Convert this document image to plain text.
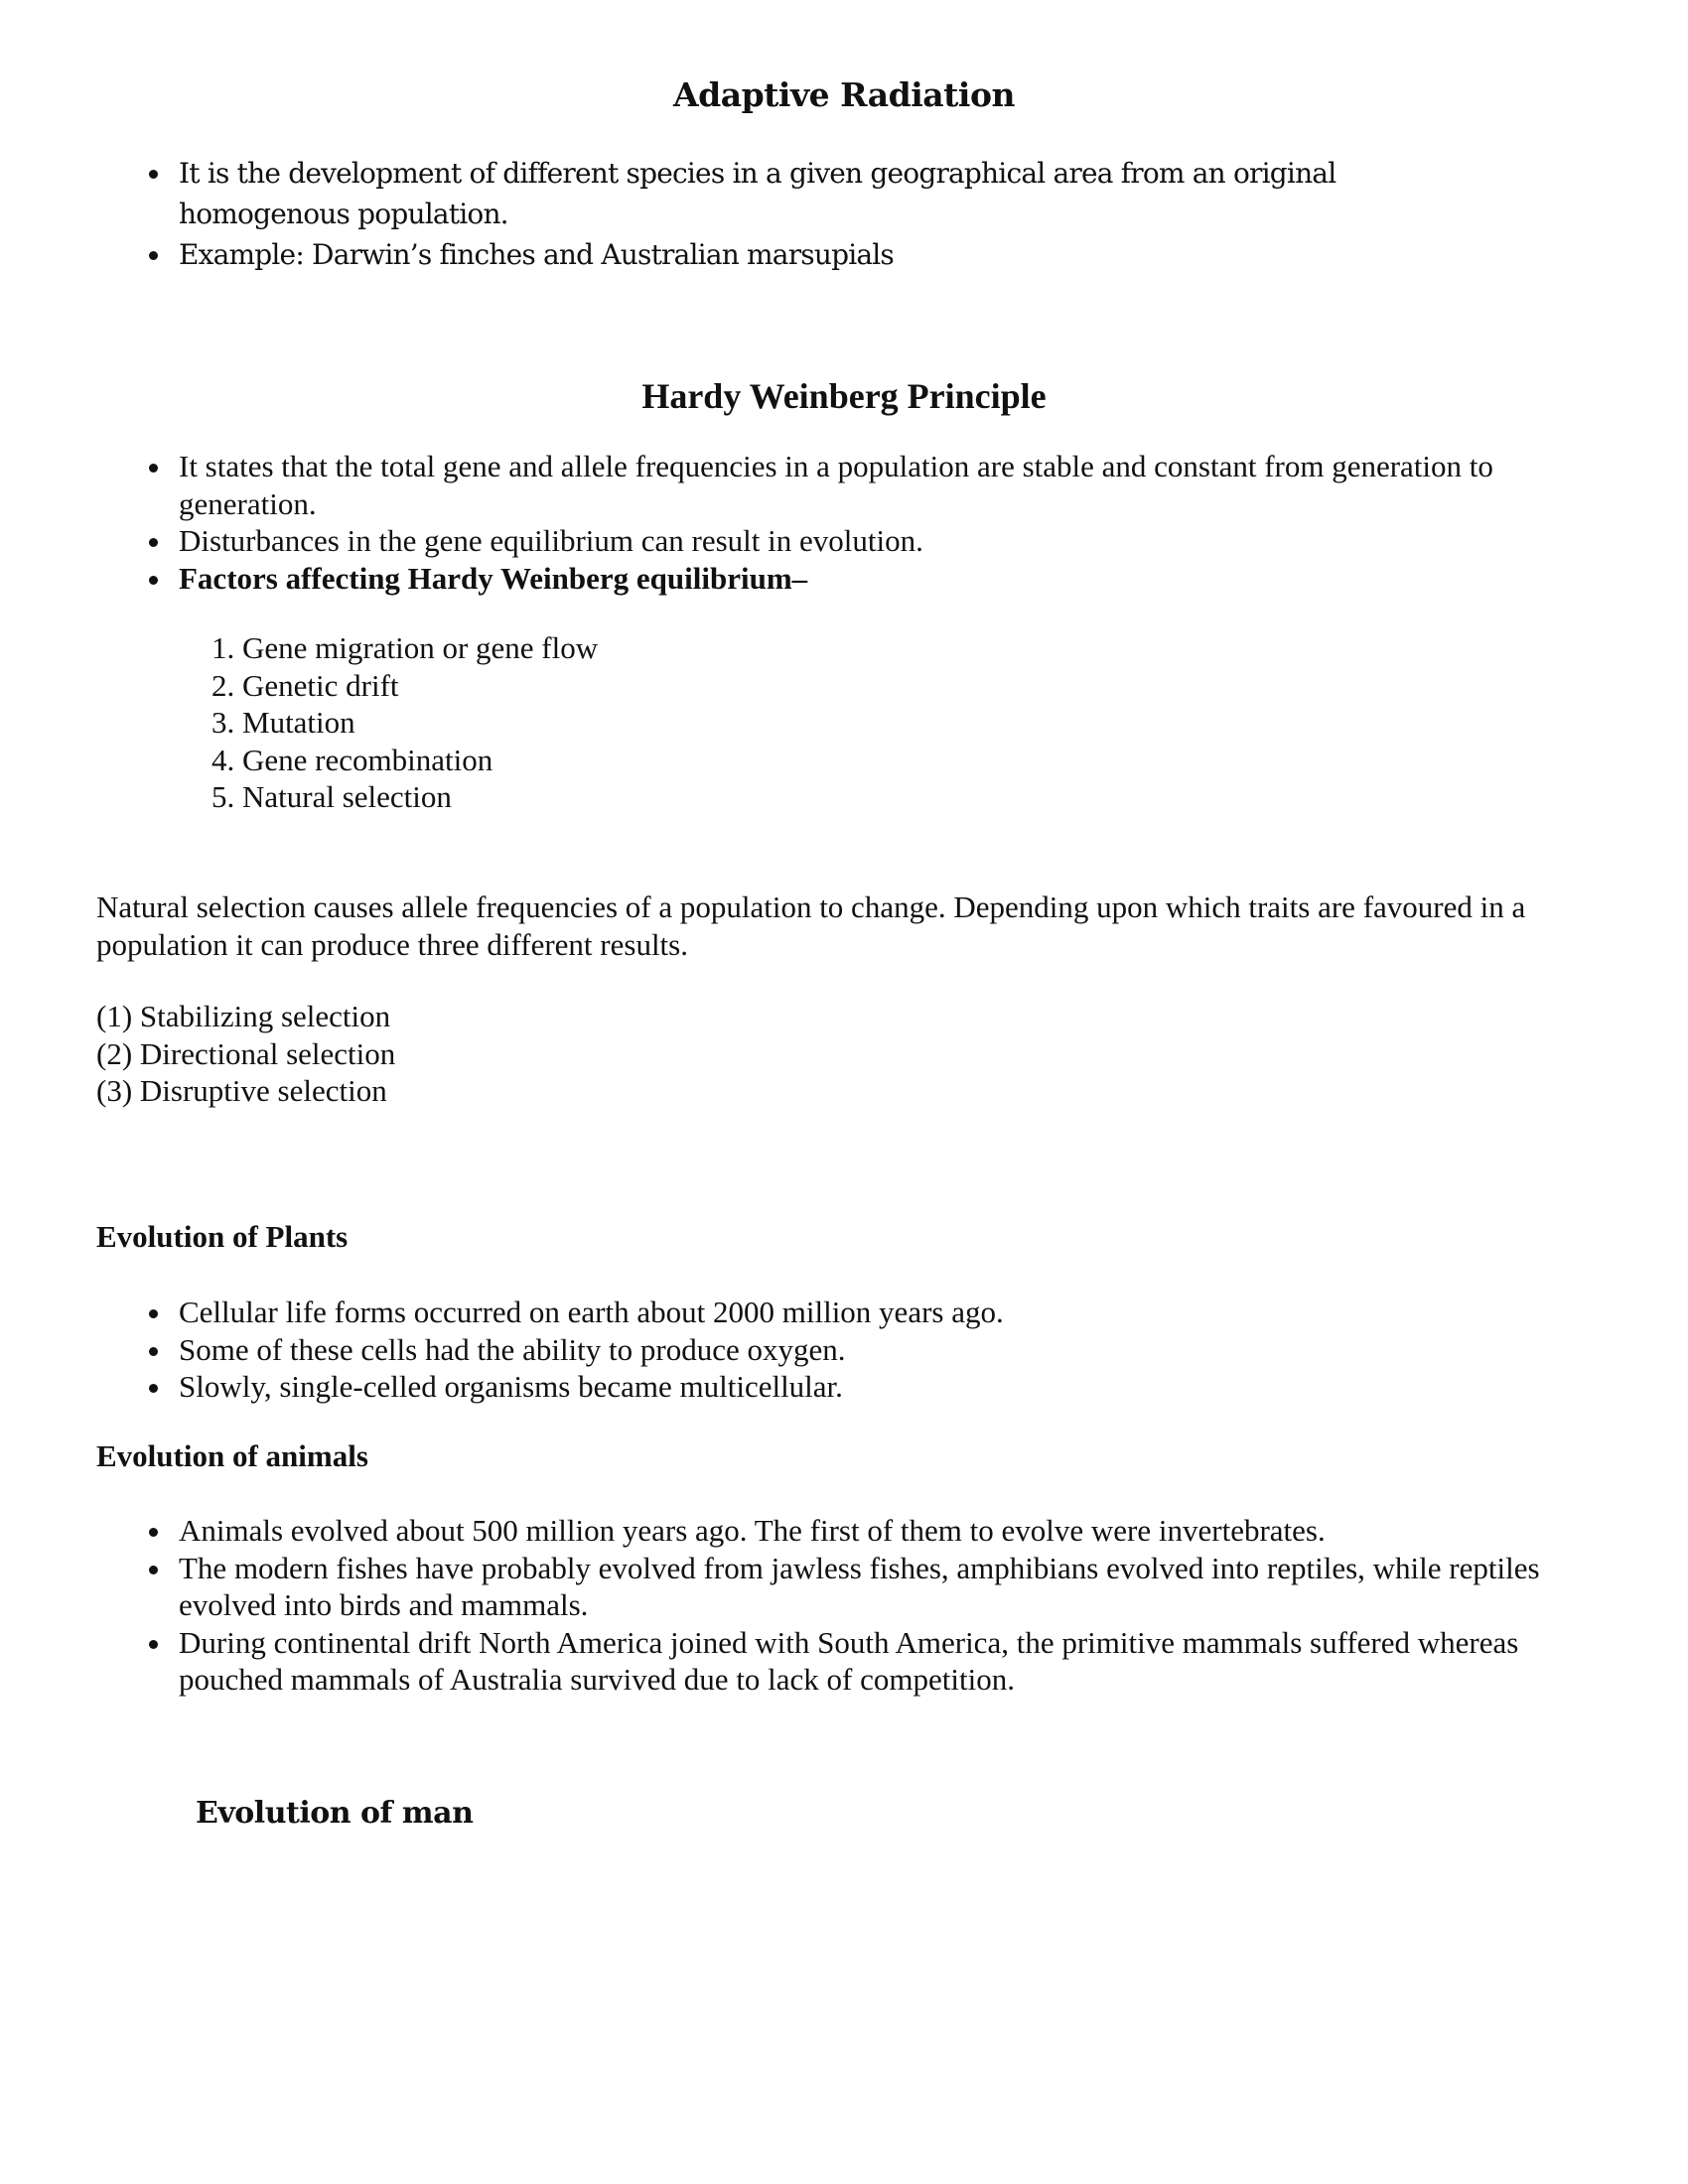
Adaptive Radiation
It is the development of different species in a given geographical area from an original homogenous population.
Example: Darwin’s finches and Australian marsupials
Hardy Weinberg Principle
It states that the total gene and allele frequencies in a population are stable and constant from generation to generation.
Disturbances in the gene equilibrium can result in evolution.
Factors affecting Hardy Weinberg equilibrium–
1. Gene migration or gene flow
2. Genetic drift
3. Mutation
4. Gene recombination
5. Natural selection

Natural selection causes allele frequencies of a population to change. Depending upon which traits are favoured in a population it can produce three different results.

(1) Stabilizing selection
(2) Directional selection
(3) Disruptive selection
Evolution of Plants
Cellular life forms occurred on earth about 2000 million years ago.
Some of these cells had the ability to produce oxygen.
Slowly, single-celled organisms became multicellular.
Evolution of animals
Animals evolved about 500 million years ago. The first of them to evolve were invertebrates.
The modern fishes have probably evolved from jawless fishes, amphibians evolved into reptiles, while reptiles evolved into birds and mammals.
During continental drift North America joined with South America, the primitive mammals suffered whereas pouched mammals of Australia survived due to lack of competition.
Evolution of man
